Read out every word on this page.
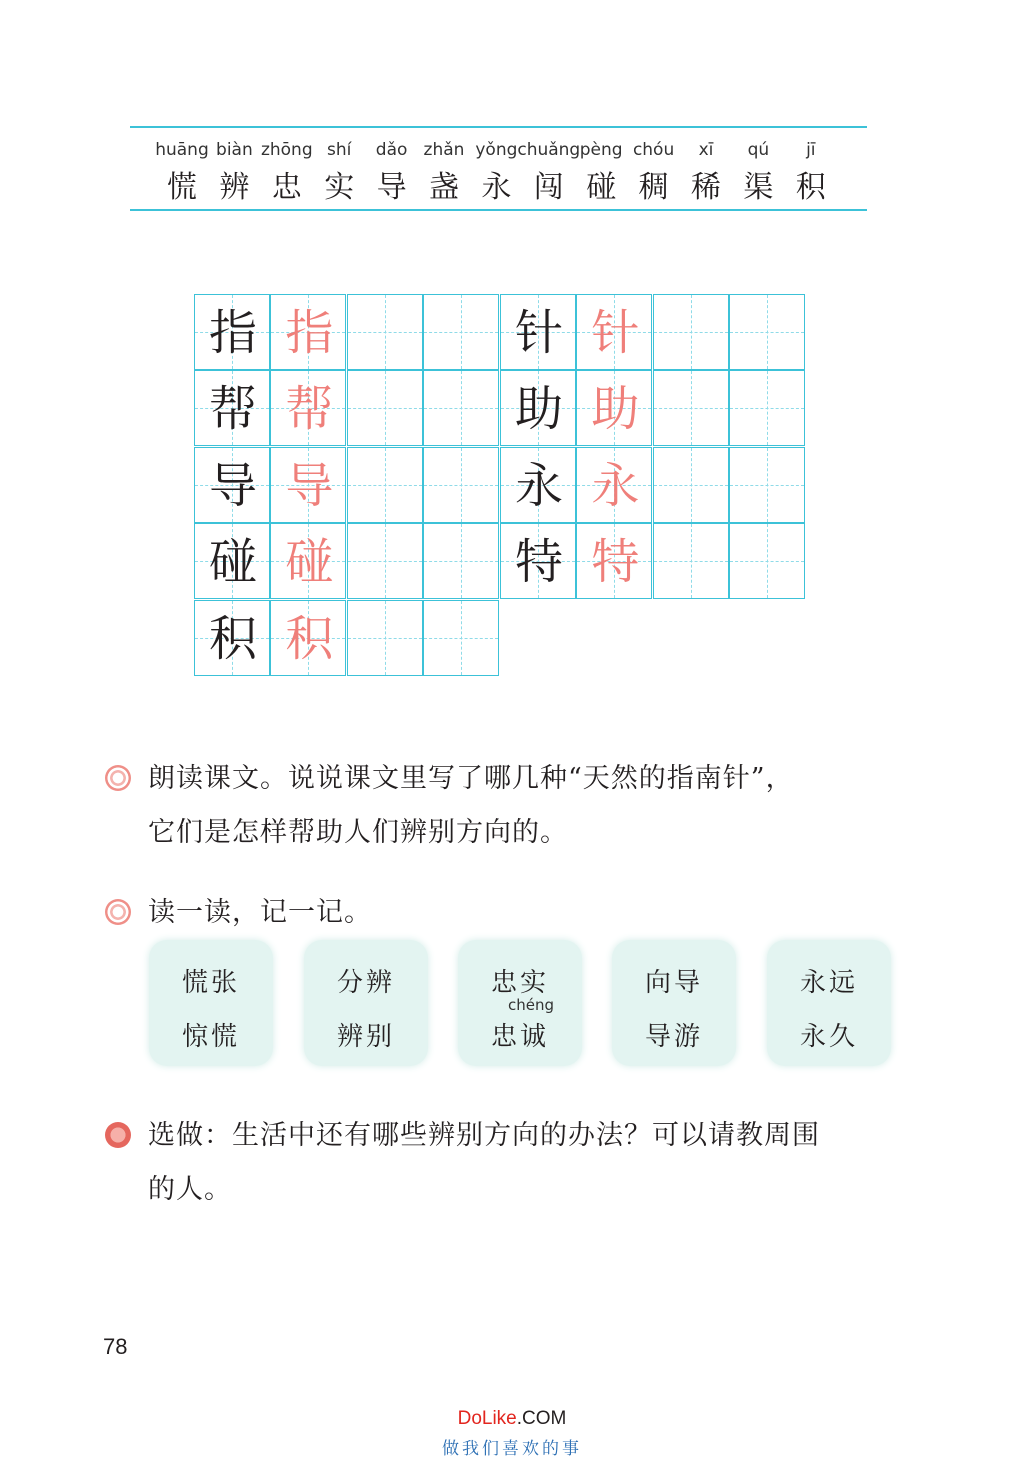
huāng
慌
biàn
辨
zhōng
忠
shí
实
dǎo
导
zhǎn
盏
yǒng
永
chuǎng
闯
pèng
碰
chóu
稠
xī
稀
qú
渠
jī
积
指 指
帮 帮
导 导
碰 碰
积 积
针 针
助 助
永 永
特 特
朗读课文。说说课文里写了哪几种“天然的指南针”，
它们是怎样帮助人们辨别方向的。
读一读，记一记。
慌张
惊慌
分辨
辨别
忠实
chéng
忠诚
向导
导游
永远
永久
选做：生活中还有哪些辨别方向的办法？可以请教周围
的人。
78
DoLike.COM
做我们喜欢的事
